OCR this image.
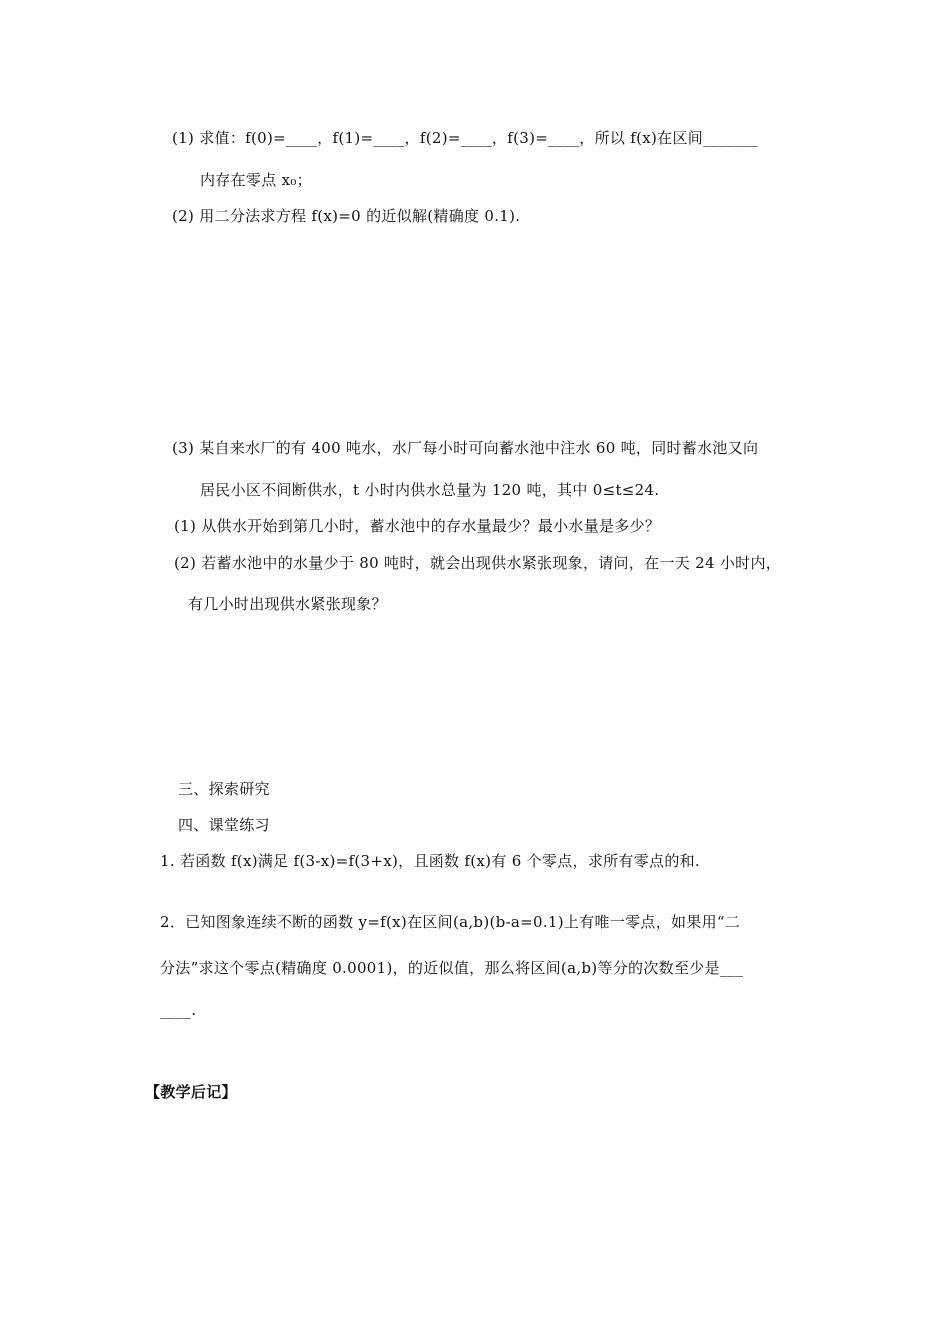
(1) 求值：f(0)=____，f(1)=____，f(2)=____，f(3)=____，所以 f(x)在区间_______
内存在零点 x₀；
(2) 用二分法求方程 f(x)=0 的近似解(精确度 0.1).
(3) 某自来水厂的有 400 吨水，水厂每小时可向蓄水池中注水 60 吨，同时蓄水池又向
居民小区不间断供水，t 小时内供水总量为 120 吨，其中 0≤t≤24.
(1) 从供水开始到第几小时，蓄水池中的存水量最少？最小水量是多少？
(2) 若蓄水池中的水量少于 80 吨时，就会出现供水紧张现象，请问，在一天 24 小时内，
有几小时出现供水紧张现象？
三、探索研究
四、课堂练习
1. 若函数 f(x)满足 f(3-x)=f(3+x)，且函数 f(x)有 6 个零点，求所有零点的和.
2．已知图象连续不断的函数 y=f(x)在区间(a,b)(b-a=0.1)上有唯一零点，如果用“二
分法”求这个零点(精确度 0.0001)，的近似值，那么将区间(a,b)等分的次数至少是___
____.
【教学后记】
